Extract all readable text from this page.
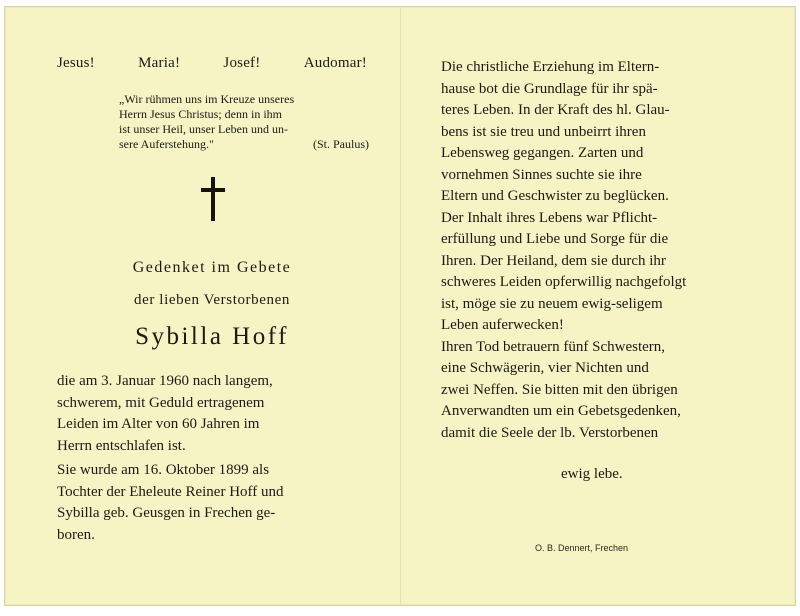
Jesus!	Maria!	Josef!	Audomar!
„Wir rühmen uns im Kreuze unseres
Herrn Jesus Christus; denn in ihm
ist unser Heil, unser Leben und un-
sere Auferstehung."	(St. Paulus)
Gedenket im Gebete
der lieben Verstorbenen
Sybilla Hoff
die am 3. Januar 1960 nach langem,
schwerem, mit Geduld ertragenem
Leiden im Alter von 60 Jahren im
Herrn entschlafen ist.
Sie wurde am 16. Oktober 1899 als
Tochter der Eheleute Reiner Hoff und
Sybilla geb. Geusgen in Frechen ge-
boren.
Die christliche Erziehung im Eltern-
hause bot die Grundlage für ihr spä-
teres Leben. In der Kraft des hl. Glau-
bens ist sie treu und unbeirrt ihren
Lebensweg gegangen. Zarten und
vornehmen Sinnes suchte sie ihre
Eltern und Geschwister zu beglücken.
Der Inhalt ihres Lebens war Pflicht-
erfüllung und Liebe und Sorge für die
Ihren. Der Heiland, dem sie durch ihr
schweres Leiden opferwillig nachgefolgt
ist, möge sie zu neuem ewig-seligem
Leben auferwecken!
Ihren Tod betrauern fünf Schwestern,
eine Schwägerin, vier Nichten und
zwei Neffen. Sie bitten mit den übrigen
Anverwandten um ein Gebetsgedenken,
damit die Seele der lb. Verstorbenen
ewig lebe.
O. B. Dennert, Frechen
